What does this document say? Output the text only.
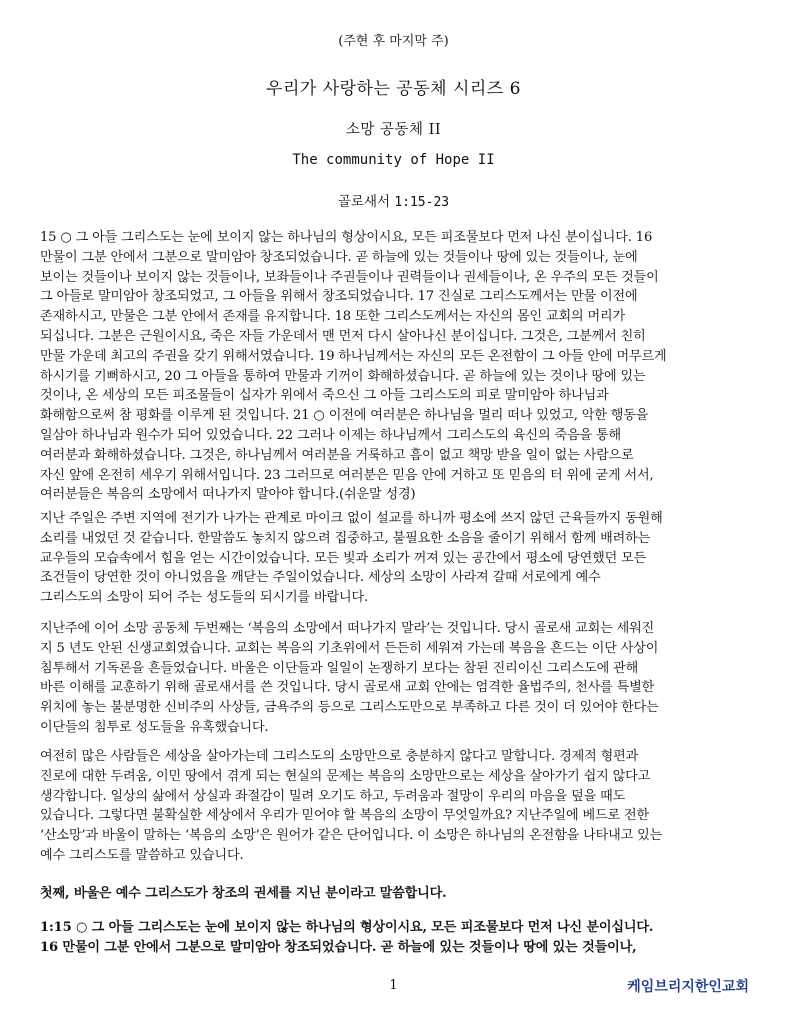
(주현 후 마지막 주)
우리가 사랑하는 공동체 시리즈 6
소망 공동체 II
The community of Hope II
골로새서 1:15-23
15 ○ 그 아들 그리스도는 눈에 보이지 않는 하나님의 형상이시요, 모든 피조물보다 먼저 나신 분이십니다. 16
만물이 그분 안에서 그분으로 말미암아 창조되었습니다. 곧 하늘에 있는 것들이나 땅에 있는 것들이나, 눈에
보이는 것들이나 보이지 않는 것들이나, 보좌들이나 주권들이나 권력들이나 권세들이나, 온 우주의 모든 것들이
그 아들로 말미암아 창조되었고, 그 아들을 위해서 창조되었습니다. 17 진실로 그리스도께서는 만물 이전에
존재하시고, 만물은 그분 안에서 존재를 유지합니다. 18 또한 그리스도께서는 자신의 몸인 교회의 머리가
되십니다. 그분은 근원이시요, 죽은 자들 가운데서 맨 먼저 다시 살아나신 분이십니다. 그것은, 그분께서 친히
만물 가운데 최고의 주권을 갖기 위해서였습니다. 19 하나님께서는 자신의 모든 온전함이 그 아들 안에 머무르게
하시기를 기뻐하시고, 20 그 아들을 통하여 만물과 기꺼이 화해하셨습니다. 곧 하늘에 있는 것이나 땅에 있는
것이나, 온 세상의 모든 피조물들이 십자가 위에서 죽으신 그 아들 그리스도의 피로 말미암아 하나님과
화해함으로써 참 평화를 이루게 된 것입니다. 21 ○ 이전에 여러분은 하나님을 멀리 떠나 있었고, 악한 행동을
일삼아 하나님과 원수가 되어 있었습니다. 22 그러나 이제는 하나님께서 그리스도의 육신의 죽음을 통해
여러분과 화해하셨습니다. 그것은, 하나님께서 여러분을 거룩하고 흠이 없고 책망 받을 일이 없는 사람으로
자신 앞에 온전히 세우기 위해서입니다. 23 그러므로 여러분은 믿음 안에 거하고 또 믿음의 터 위에 굳게 서서,
여러분들은 복음의 소망에서 떠나가지 말아야 합니다.(쉬운말 성경)
지난 주일은 주변 지역에 전기가 나가는 관계로 마이크 없이 설교를 하니까 평소에 쓰지 않던 근육들까지 동원해
소리를 내었던 것 같습니다. 한말씀도 놓치지 않으려 집중하고, 불필요한 소음을 줄이기 위해서 함께 배려하는
교우들의 모습속에서 힘을 얻는 시간이었습니다. 모든 빛과 소리가 꺼져 있는 공간에서 평소에 당연했던 모든
조건들이 당연한 것이 아니었음을 깨닫는 주일이었습니다. 세상의 소망이 사라져 갈때 서로에게 예수
그리스도의 소망이 되어 주는 성도들의 되시기를 바랍니다.
지난주에 이어 소망 공동체 두번째는 ‘복음의 소망에서 떠나가지 말라’는 것입니다. 당시 골로새 교회는 세워진
지 5 년도 안된 신생교회였습니다. 교회는 복음의 기초위에서 든든히 세워져 가는데 복음을 흔드는 이단 사상이
침투해서 기독론을 흔들었습니다. 바울은 이단들과 일일이 논쟁하기 보다는 참된 진리이신 그리스도에 관해
바른 이해를 교훈하기 위해 골로새서를 쓴 것입니다. 당시 골로새 교회 안에는 엄격한 율법주의, 천사를 특별한
위치에 놓는 불분명한 신비주의 사상들, 금욕주의 등으로 그리스도만으로 부족하고 다른 것이 더 있어야 한다는
이단들의 침투로 성도들을 유혹했습니다.
여전히 많은 사람들은 세상을 살아가는데 그리스도의 소망만으로 충분하지 않다고 말합니다. 경제적 형편과
진로에 대한 두려움, 이민 땅에서 겪게 되는 현실의 문제는 복음의 소망만으로는 세상을 살아가기 쉽지 않다고
생각합니다. 일상의 삶에서 상실과 좌절감이 밀려 오기도 하고, 두려움과 절망이 우리의 마음을 덮을 때도
있습니다. 그렇다면 불확실한 세상에서 우리가 믿어야 할 복음의 소망이 무엇일까요? 지난주일에 베드로 전한
‘산소망’과 바울이 말하는 ‘복음의 소망’은 원어가 같은 단어입니다. 이 소망은 하나님의 온전함을 나타내고 있는
예수 그리스도를 말씀하고 있습니다.
첫째, 바울은 예수 그리스도가 창조의 권세를 지닌 분이라고 말씀합니다.
1:15 ○ 그 아들 그리스도는 눈에 보이지 않는 하나님의 형상이시요, 모든 피조물보다 먼저 나신 분이십니다.
16 만물이 그분 안에서 그분으로 말미암아 창조되었습니다. 곧 하늘에 있는 것들이나 땅에 있는 것들이나,
1	케임브리지한인교회
